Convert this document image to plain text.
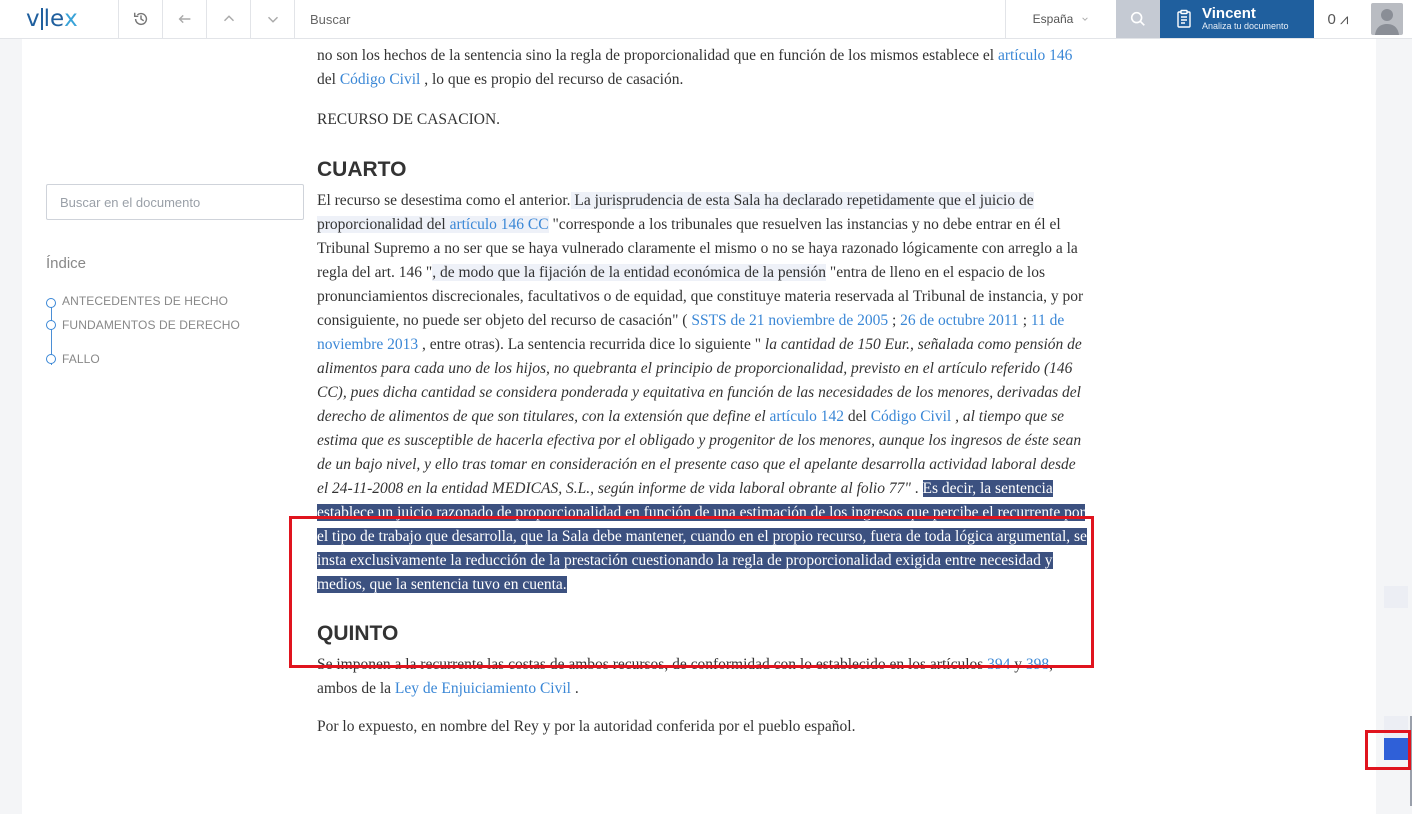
v le x
Buscar	España	Vincent
Analiza tu documento	0 ⩘
Buscar en el documento
Índice
ANTECEDENTES DE HECHO
FUNDAMENTOS DE DERECHO
FALLO

no son los hechos de la sentencia sino la regla de proporcionalidad que en función de los mismos establece el artículo 146 del Código Civil , lo que es propio del recurso de casación.

RECURSO DE CASACION.

CUARTO

El recurso se desestima como el anterior. La jurisprudencia de esta Sala ha declarado repetidamente que el juicio de proporcionalidad del artículo 146 CC "corresponde a los tribunales que resuelven las instancias y no debe entrar en él el Tribunal Supremo a no ser que se haya vulnerado claramente el mismo o no se haya razonado lógicamente con arreglo a la regla del art. 146 ", de modo que la fijación de la entidad económica de la pensión "entra de lleno en el espacio de los pronunciamientos discrecionales, facultativos o de equidad, que constituye materia reservada al Tribunal de instancia, y por consiguiente, no puede ser objeto del recurso de casación" ( SSTS de 21 noviembre de 2005 ; 26 de octubre 2011 ; 11 de noviembre 2013 , entre otras). La sentencia recurrida dice lo siguiente " la cantidad de 150 Eur., señalada como pensión de alimentos para cada uno de los hijos, no quebranta el principio de proporcionalidad, previsto en el artículo referido (146 CC), pues dicha cantidad se considera ponderada y equitativa en función de las necesidades de los menores, derivadas del derecho de alimentos de que son titulares, con la extensión que define el artículo 142 del Código Civil , al tiempo que se estima que es susceptible de hacerla efectiva por el obligado y progenitor de los menores, aunque los ingresos de éste sean de un bajo nivel, y ello tras tomar en consideración en el presente caso que el apelante desarrolla actividad laboral desde el 24-11-2008 en la entidad MEDICAS, S.L., según informe de vida laboral obrante al folio 77" . Es decir, la sentencia establece un juicio razonado de proporcionalidad en función de una estimación de los ingresos que percibe el recurrente por el tipo de trabajo que desarrolla, que la Sala debe mantener, cuando en el propio recurso, fuera de toda lógica argumental, se insta exclusivamente la reducción de la prestación cuestionando la regla de proporcionalidad exigida entre necesidad y medios, que la sentencia tuvo en cuenta.

QUINTO

Se imponen a la recurrente las costas de ambos recursos, de conformidad con lo establecido en los artículos 394 y 398, ambos de la Ley de Enjuiciamiento Civil .

Por lo expuesto, en nombre del Rey y por la autoridad conferida por el pueblo español.
